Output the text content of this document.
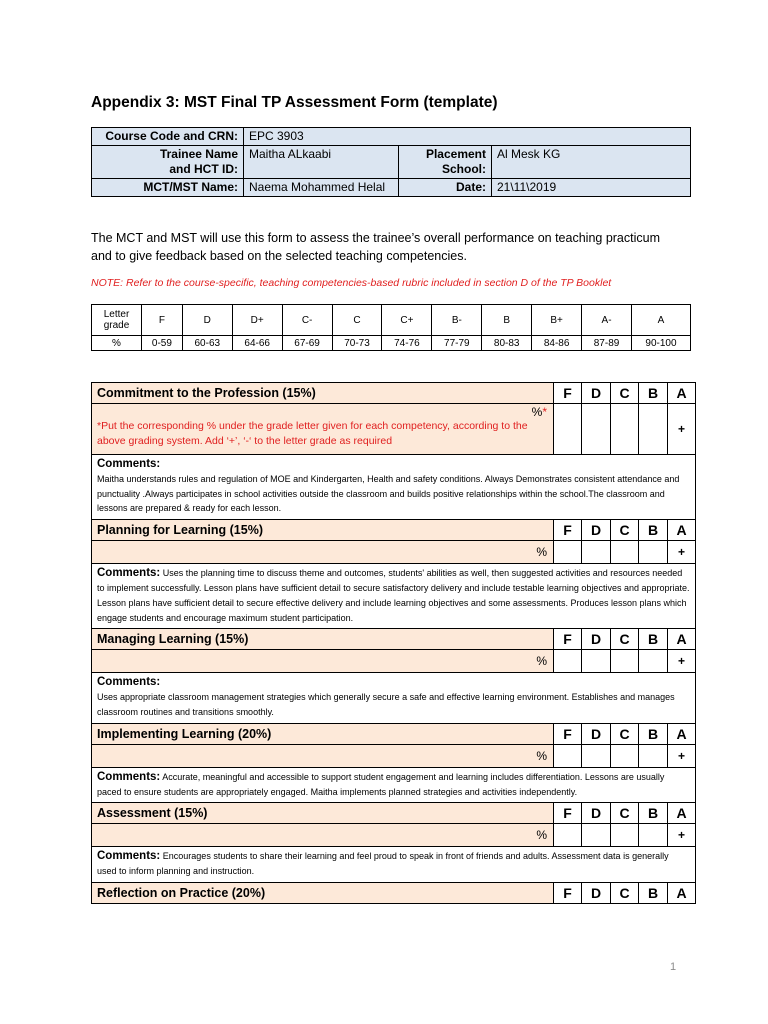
Appendix 3: MST Final TP Assessment Form (template)
Course Code and CRN:	EPC 3903		
Trainee Name
and HCT ID:	Maitha ALkaabi	Placement
School:	Al Mesk KG
MCT/MST Name:	Naema Mohammed Helal	Date:	21\11\2019
The MCT and MST will use this form to assess the trainee’s overall performance on teaching practicum
and to give feedback based on the selected teaching competencies.
NOTE: Refer to the course-specific, teaching competencies-based rubric included in section D of the TP Booklet
Letter
grade	F	D	D+	C-	C	C+	B-	B	B+	A-	A
%	0-59	60-63	64-66	67-69	70-73	74-76	77-79	80-83	84-86	87-89	90-100
Commitment to the Profession (15%)	F	D	C	B	A

%*
*Put the corresponding % under the grade letter given for each competency, according to the above grading system. Add ‘+’, ‘-‘ to the letter grade as required					+
Comments:
Maitha understands rules and regulation of MOE and Kindergarten, Health and safety conditions. Always Demonstrates consistent attendance and punctuality .Always participates in school activities outside the classroom and builds positive relationships within the school.The classroom and lessons are prepared & ready for each lesson.					
Planning for Learning (15%)	F	D	C	B	A
%					+
Comments: Uses the planning time to discuss theme and outcomes, students' abilities as well, then suggested activities and resources needed to implement successfully. Lesson plans have sufficient detail to secure satisfactory delivery and include testable learning objectives and appropriate. Lesson plans have sufficient detail to secure effective delivery and include learning objectives and some assessments. Produces lesson plans which engage students and encourage maximum student participation.					
Managing Learning (15%)	F	D	C	B	A
%					+
Comments:
Uses appropriate classroom management strategies which generally secure a safe and effective learning environment. Establishes and manages classroom routines and transitions smoothly.					
Implementing Learning (20%)	F	D	C	B	A
%					+
Comments: Accurate, meaningful and accessible to support student engagement and learning includes differentiation. Lessons are usually paced to ensure students are appropriately engaged. Maitha implements planned strategies and activities independently.					
Assessment (15%)	F	D	C	B	A
%					+
Comments: Encourages students to share their learning and feel proud to speak in front of friends and adults. Assessment data is generally used to inform planning and instruction.					
Reflection on Practice (20%)	F	D	C	B	A
1
